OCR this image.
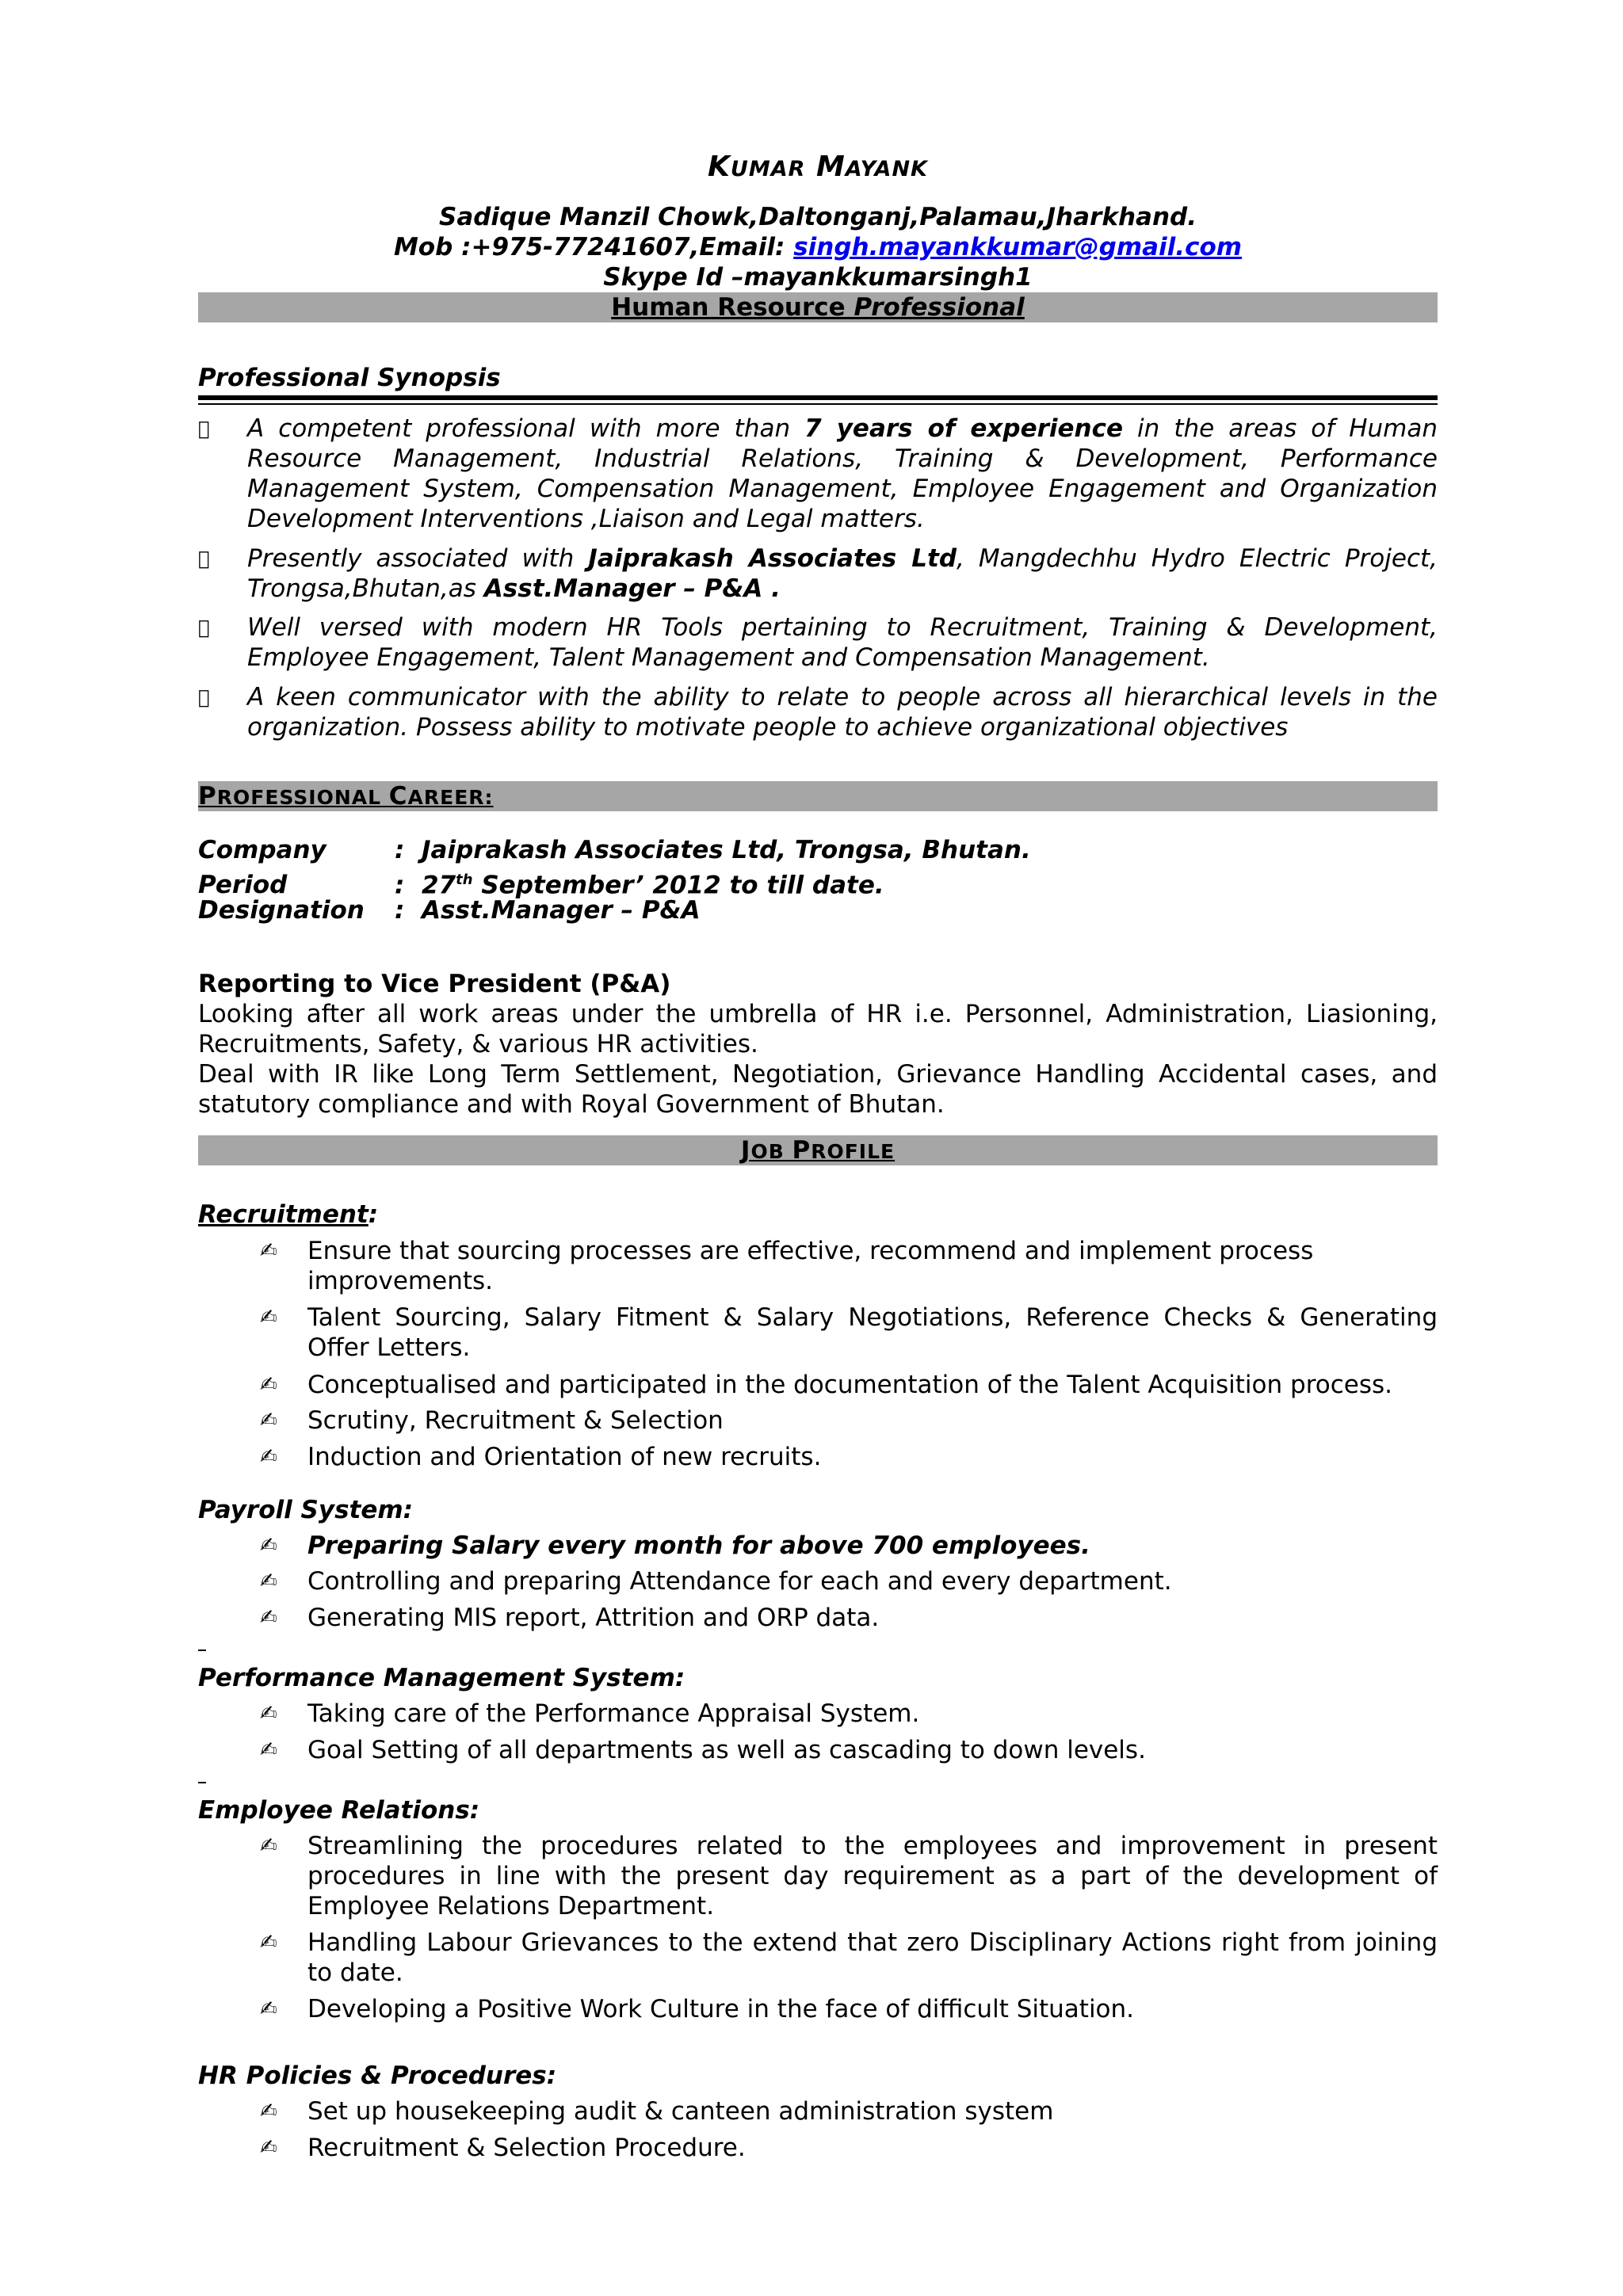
KUMAR MAYANK
Sadique Manzil Chowk,Daltonganj,Palamau,Jharkhand.
Mob :+975-77241607,Email: singh.mayankkumar@gmail.com
Skype Id –mayankkumarsingh1
Human Resource Professional
Professional Synopsis
A competent professional with more than 7 years of experience in the areas of Human Resource Management, Industrial Relations, Training & Development, Performance Management System, Compensation Management, Employee Engagement and Organization Development Interventions ,Liaison and Legal matters.
Presently associated with Jaiprakash Associates Ltd, Mangdechhu Hydro Electric Project, Trongsa,Bhutan,as Asst.Manager – P&A .
Well versed with modern HR Tools pertaining to Recruitment, Training & Development, Employee Engagement, Talent Management and Compensation Management.
A keen communicator with the ability to relate to people across all hierarchical levels in the organization. Possess ability to motivate people to achieve organizational objectives
PROFESSIONAL CAREER:
Company	: Jaiprakash Associates Ltd, Trongsa, Bhutan.
Period	: 27th September’ 2012 to till date.
Designation : Asst.Manager – P&A
Reporting to Vice President (P&A)
Looking after all work areas under the umbrella of HR i.e. Personnel, Administration, Liasioning, Recruitments, Safety, & various HR activities.
Deal with IR like Long Term Settlement, Negotiation, Grievance Handling Accidental cases, and statutory compliance and with Royal Government of Bhutan.
JOB PROFILE
Recruitment:
✍ Ensure that sourcing processes are effective, recommend and implement process improvements.
✍ Talent Sourcing, Salary Fitment & Salary Negotiations, Reference Checks & Generating Offer Letters.
✍ Conceptualised and participated in the documentation of the Talent Acquisition process.
✍ Scrutiny, Recruitment & Selection
✍ Induction and Orientation of new recruits.
Payroll System:
✍ Preparing Salary every month for above 700 employees.
✍ Controlling and preparing Attendance for each and every department.
✍ Generating MIS report, Attrition and ORP data.
Performance Management System:
✍ Taking care of the Performance Appraisal System.
✍ Goal Setting of all departments as well as cascading to down levels.
Employee Relations:
✍ Streamlining the procedures related to the employees and improvement in present procedures in line with the present day requirement as a part of the development of Employee Relations Department.
✍ Handling Labour Grievances to the extend that zero Disciplinary Actions right from joining to date.
✍ Developing a Positive Work Culture in the face of difficult Situation.
HR Policies & Procedures:
✍ Set up housekeeping audit & canteen administration system
✍ Recruitment & Selection Procedure.
